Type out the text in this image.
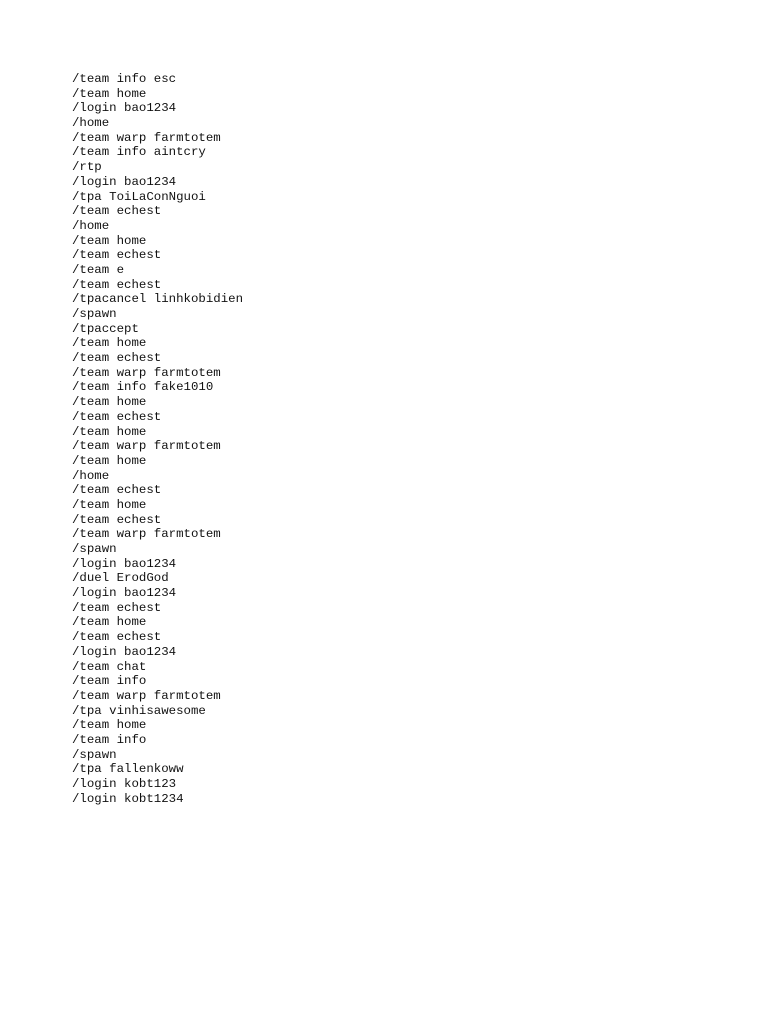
/team info esc
/team home
/login bao1234
/home
/team warp farmtotem
/team info aintcry
/rtp
/login bao1234
/tpa ToiLaConNguoi
/team echest
/home
/team home
/team echest
/team e
/team echest
/tpacancel linhkobidien
/spawn
/tpaccept
/team home
/team echest
/team warp farmtotem
/team info fake1010
/team home
/team echest
/team home
/team warp farmtotem
/team home
/home
/team echest
/team home
/team echest
/team warp farmtotem
/spawn
/login bao1234
/duel ErodGod
/login bao1234
/team echest
/team home
/team echest
/login bao1234
/team chat
/team info
/team warp farmtotem
/tpa vinhisawesome
/team home
/team info
/spawn
/tpa fallenkoww
/login kobt123
/login kobt1234
